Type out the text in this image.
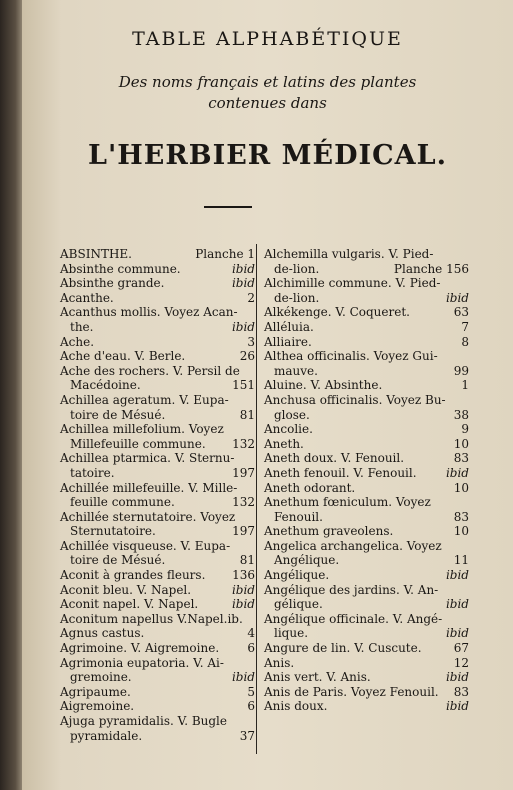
TABLE ALPHABÉTIQUE
Des noms français et latins des plantes
contenues dans
L'HERBIER MÉDICAL.
Planche 1
ABSINTHE.
ibid
Absinthe commune.
ibid
Absinthe grande.
2
Acanthe.
Acanthus mollis. Voyez Acan-
ibid
the.
3
Ache.
26
Ache d'eau. V. Berle.
Ache des rochers. V. Persil de
151
Macédoine.
Achillea ageratum. V. Eupa-
81
toire de Mésué.
Achillea millefolium. Voyez
132
Millefeuille commune.
Achillea ptarmica. V. Sternu-
197
tatoire.
Achillée millefeuille. V. Mille-
132
feuille commune.
Achillée sternutatoire. Voyez
197
Sternutatoire.
Achillée visqueuse. V. Eupa-
81
toire de Mésué.
136
Aconit à grandes fleurs.
ibid
Aconit bleu. V. Napel.
ibid
Aconit napel. V. Napel.
Aconitum napellus V.Napel.ib.
4
Agnus castus.
6
Agrimoine. V. Aigremoine.
Agrimonia eupatoria. V. Ai-
ibid
gremoine.
5
Agripaume.
6
Aigremoine.
Ajuga pyramidalis. V. Bugle
37
pyramidale.
Alchemilla vulgaris. V. Pied-
Planche 156
de-lion.
Alchimille commune. V. Pied-
ibid
de-lion.
63
Alkékenge. V. Coqueret.
7
Alléluia.
8
Alliaire.
Althea officinalis. Voyez Gui-
99
mauve.
1
Aluine. V. Absinthe.
Anchusa officinalis. Voyez Bu-
38
glose.
9
Ancolie.
10
Aneth.
83
Aneth doux. V. Fenouil.
ibid
Aneth fenouil. V. Fenouil.
10
Aneth odorant.
Anethum fœniculum. Voyez
83
Fenouil.
10
Anethum graveolens.
Angelica archangelica. Voyez
11
Angélique.
ibid
Angélique.
Angélique des jardins. V. An-
ibid
gélique.
Angélique officinale. V. Angé-
ibid
lique.
67
Angure de lin. V. Cuscute.
12
Anis.
ibid
Anis vert. V. Anis.
83
Anis de Paris. Voyez Fenouil.
ibid
Anis doux.
